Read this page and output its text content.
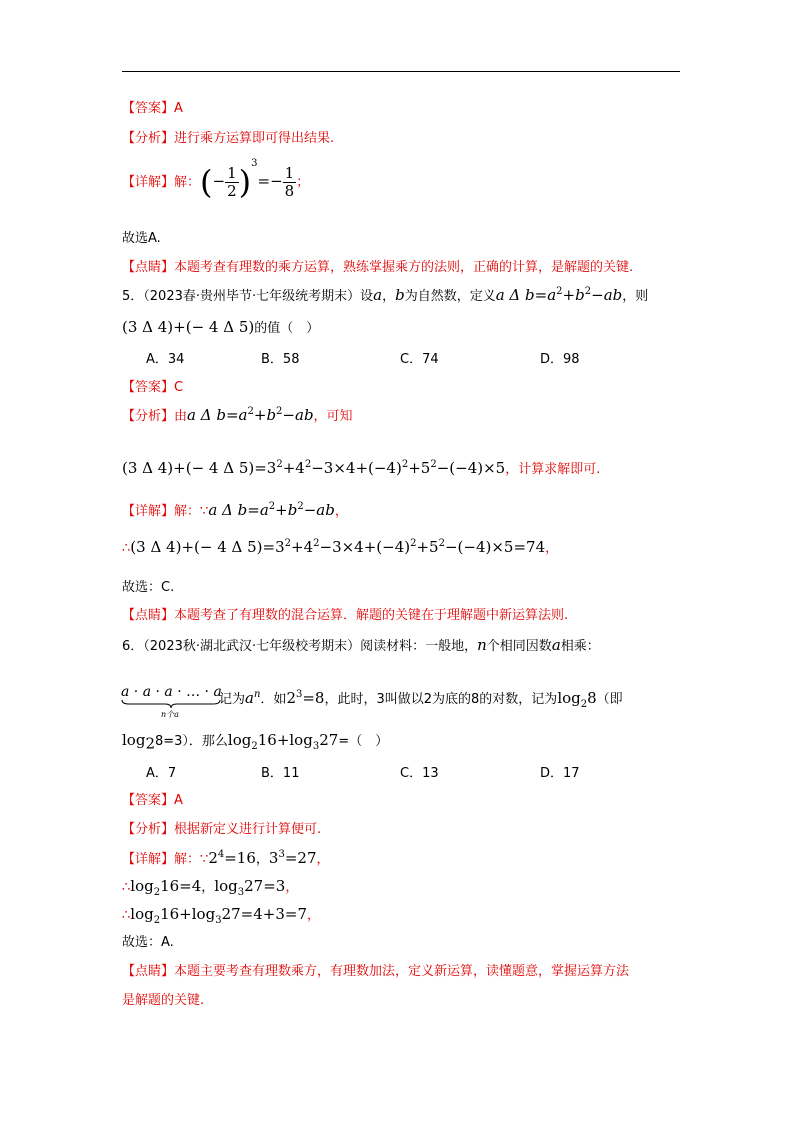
【答案】A
【分析】进行乘方运算即可得出结果.
【详解】解：(− $\frac{1}{2} )^3=- \frac{1}{8}$ ；
故选A.
【点睛】本题考查有理数的乘方运算，熟练掌握乘方的法则，正确的计算，是解题的关键.
5．（2023春·贵州毕节·七年级统考期末）设a，b为自然数，定义a Δ $b=a^2+b^2-ab$，则
(3 Δ 4)+(− 4 Δ 5)的值（　）
A．34	B．58	C．74	D．98
【答案】C
【分析】由a Δ $b=a^2+b^2-ab$，可知
(3 Δ 4)+(− 4 Δ $5)=3^2+4^2-3\times 4+(-4)^2+5^2-(-4)\times 5$，计算求解即可.
【详解】解：∵a Δ $b=a^2+b^2-ab$，
∴(3 Δ 4)+(− 4 Δ $5)=3^2+4^2-3\times 4+(-4)^2+5^2-(-4)\times 5=74$，
故选：C.
【点睛】本题考查了有理数的混合运算．解题的关键在于理解题中新运算法则.
6．（2023秋·湖北武汉·七年级校考期末）阅读材料：一般地，n个相同因数a相乘：
a · a · a · … · a
n个a
记为$a^n$．如$2^3=8$，此时，3叫做以2为底的8的对数，记为$\log_28$（即
$\log_28=3$）．那么$\log_216+\log_327=$（　）
A．7	B．11	C．13	D．17
【答案】A
【分析】根据新定义进行计算便可.
【详解】解：$\because 2^4=16$，$3^3=27$，
$\therefore\log_216=4$，$\log_327=3$，
$\therefore\log_216+\log_327=4+3=7$，
故选：A.
【点睛】本题主要考查有理数乘方，有理数加法，定义新运算，读懂题意，掌握运算方法
是解题的关键.
